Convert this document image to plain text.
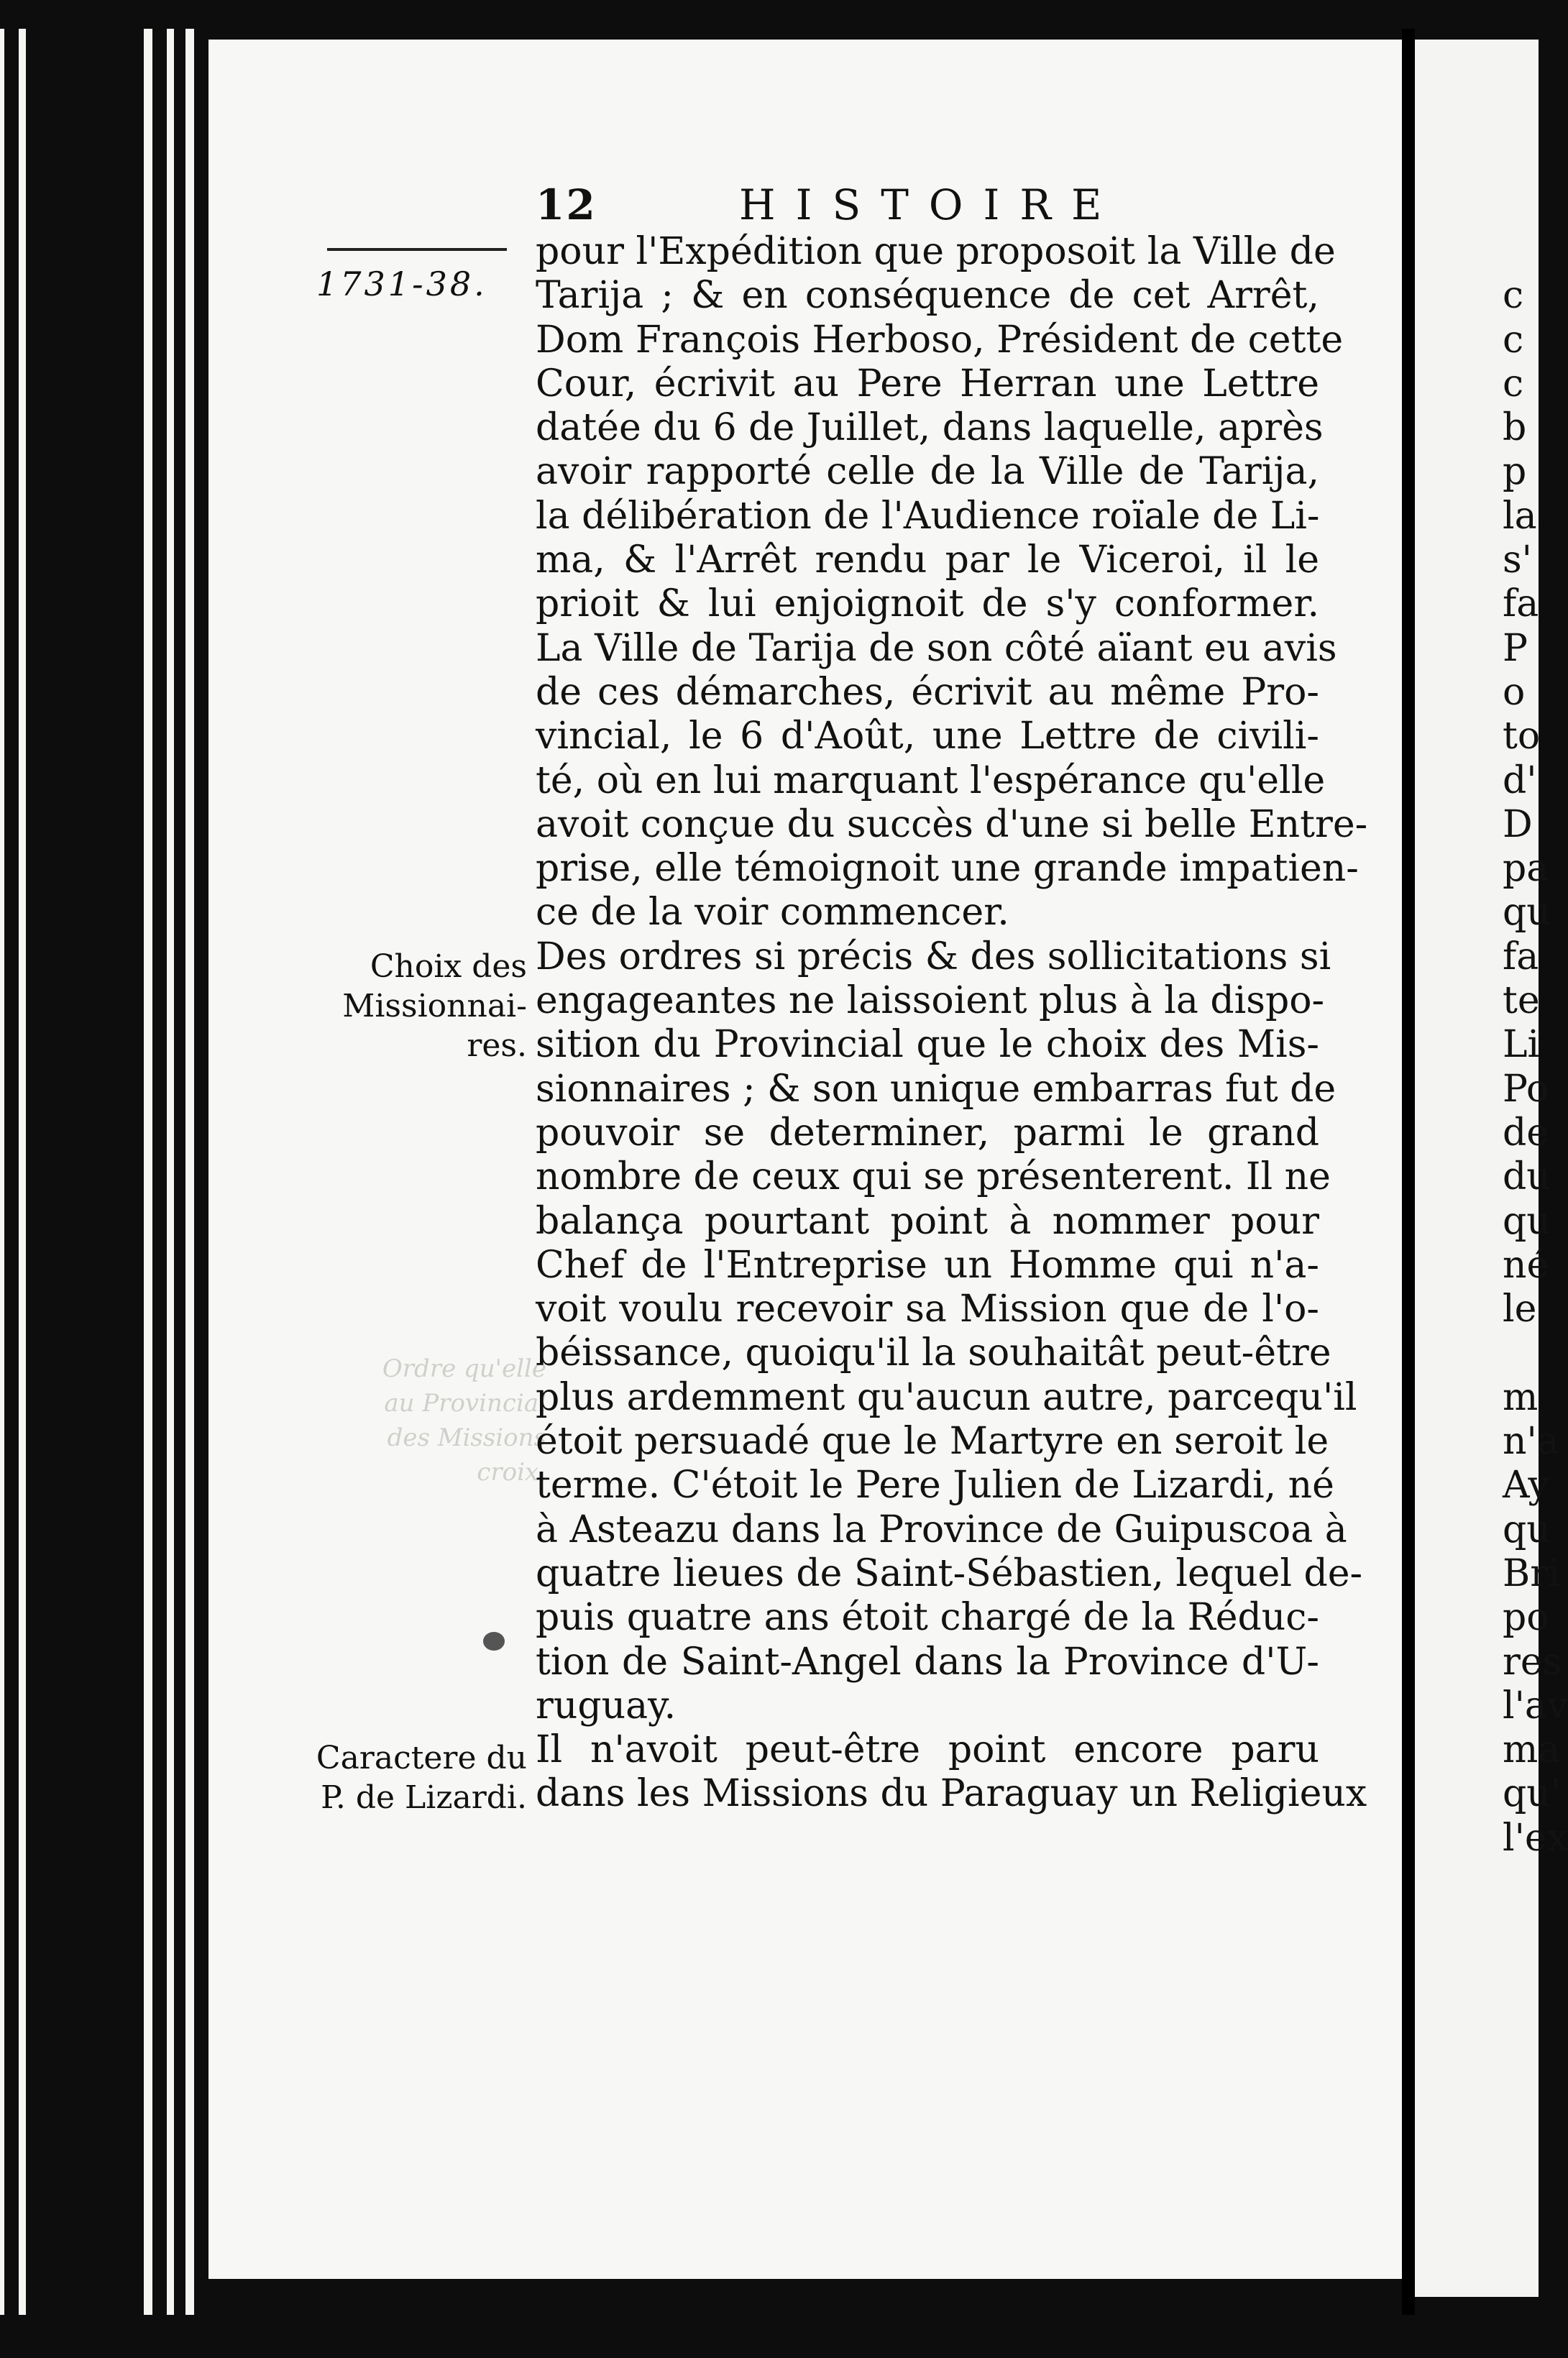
12	HISTOIRE
1731-38.
Choix des
Missionnai-
res.
Ordre qu'elle
au Provincial
des Missions
croix.
Caractere du
P. de Lizardi.
pour l'Expédition que proposoit la Ville de
Tarija ; & en conséquence de cet Arrêt,
Dom François Herboso, Président de cette
Cour, écrivit au Pere Herran une Lettre
datée du 6 de Juillet, dans laquelle, après
avoir rapporté celle de la Ville de Tarija,
la délibération de l'Audience roïale de Li-
ma, & l'Arrêt rendu par le Viceroi, il le
prioit & lui enjoignoit de s'y conformer.
La Ville de Tarija de son côté aïant eu avis
de ces démarches, écrivit au même Pro-
vincial, le 6 d'Août, une Lettre de civili-
té, où en lui marquant l'espérance qu'elle
avoit conçue du succès d'une si belle Entre-
prise, elle témoignoit une grande impatien-
ce de la voir commencer.
Des ordres si précis & des sollicitations si
engageantes ne laissoient plus à la dispo-
sition du Provincial que le choix des Mis-
sionnaires ; & son unique embarras fut de
pouvoir se determiner, parmi le grand
nombre de ceux qui se présenterent. Il ne
balança pourtant point à nommer pour
Chef de l'Entreprise un Homme qui n'a-
voit voulu recevoir sa Mission que de l'o-
béissance, quoiqu'il la souhaitât peut-être
plus ardemment qu'aucun autre, parcequ'il
étoit persuadé que le Martyre en seroit le
terme. C'étoit le Pere Julien de Lizardi, né
à Asteazu dans la Province de Guipuscoa à
quatre lieues de Saint-Sébastien, lequel de-
puis quatre ans étoit chargé de la Réduc-
tion de Saint-Angel dans la Province d'U-
ruguay.
Il n'avoit peut-être point encore paru
dans les Missions du Paraguay un Religieux
c
c
c
b
p
la
s'
fa
P
o
to
d'
D
pa
qu
fa
te
Li
Po
de
du
qu
né
le
m
n'a
Ay
qu
Bri
po
res
l'av
ma
qu'
l'ex
